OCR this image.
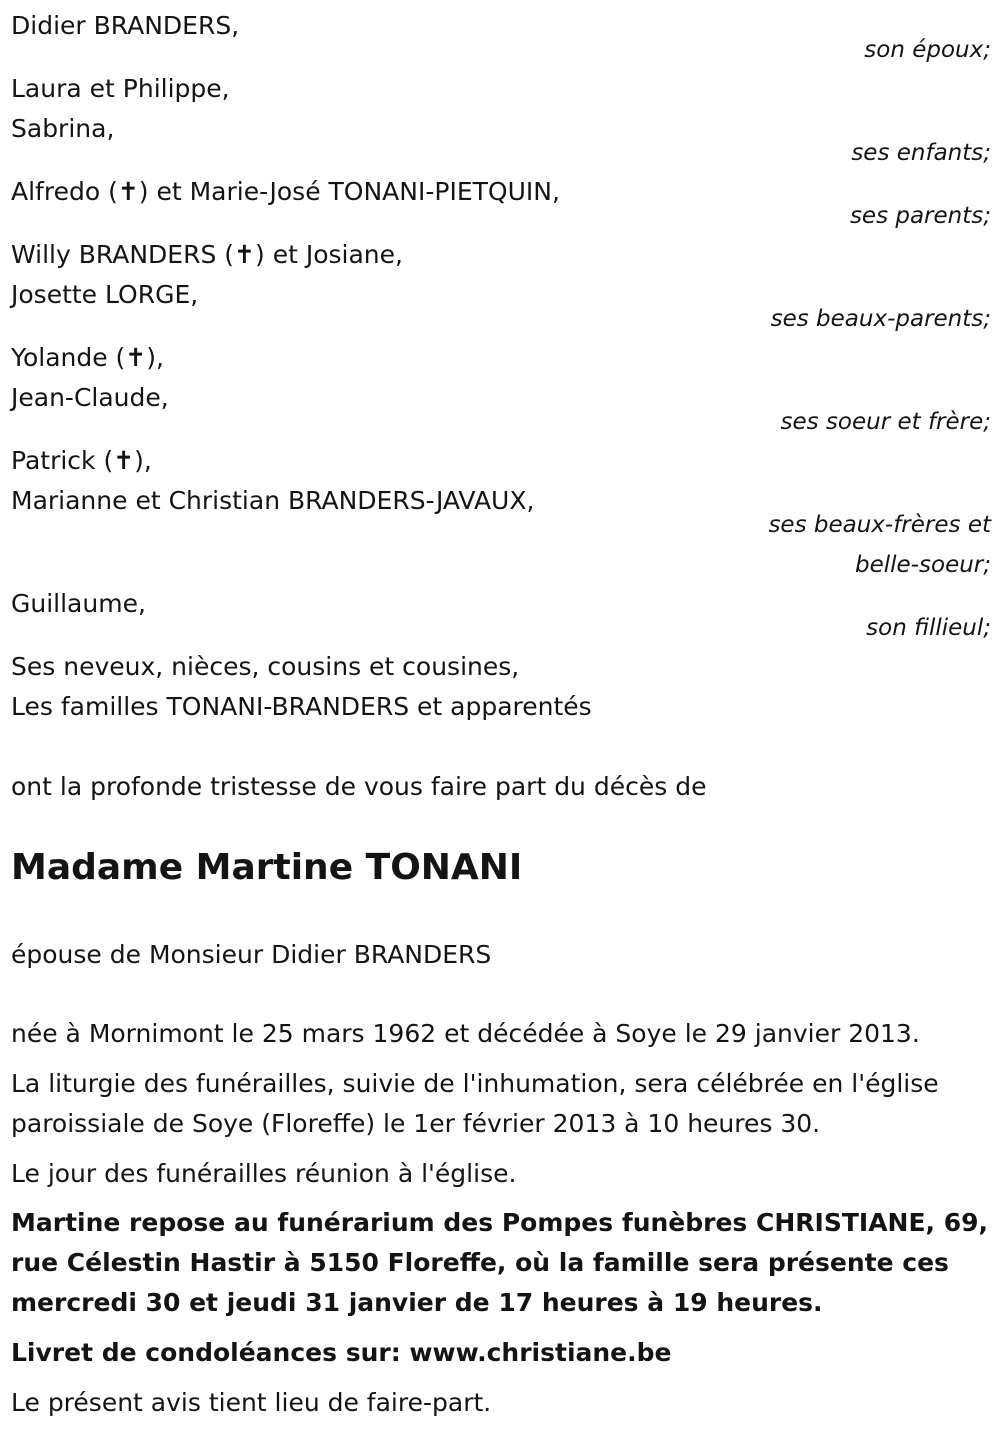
Didier BRANDERS,
son époux;
Laura et Philippe,
Sabrina,
ses enfants;
Alfredo (✝) et Marie-José TONANI-PIETQUIN,
ses parents;
Willy BRANDERS (✝) et Josiane,
Josette LORGE,
ses beaux-parents;
Yolande (✝),
Jean-Claude,
ses soeur et frère;
Patrick (✝),
Marianne et Christian BRANDERS-JAVAUX,
ses beaux-frères et
belle-soeur;
Guillaume,
son fillieul;
Ses neveux, nièces, cousins et cousines,
Les familles TONANI-BRANDERS et apparentés
ont la profonde tristesse de vous faire part du décès de
Madame Martine TONANI
épouse de Monsieur Didier BRANDERS
née à Mornimont le 25 mars 1962 et décédée à Soye le 29 janvier 2013.
La liturgie des funérailles, suivie de l'inhumation, sera célébrée en l'église
paroissiale de Soye (Floreffe) le 1er février 2013 à 10 heures 30.
Le jour des funérailles réunion à l'église.
Martine repose au funérarium des Pompes funèbres CHRISTIANE, 69,
rue Célestin Hastir à 5150 Floreffe, où la famille sera présente ces
mercredi 30 et jeudi 31 janvier de 17 heures à 19 heures.
Livret de condoléances sur: www.christiane.be
Le présent avis tient lieu de faire-part.
